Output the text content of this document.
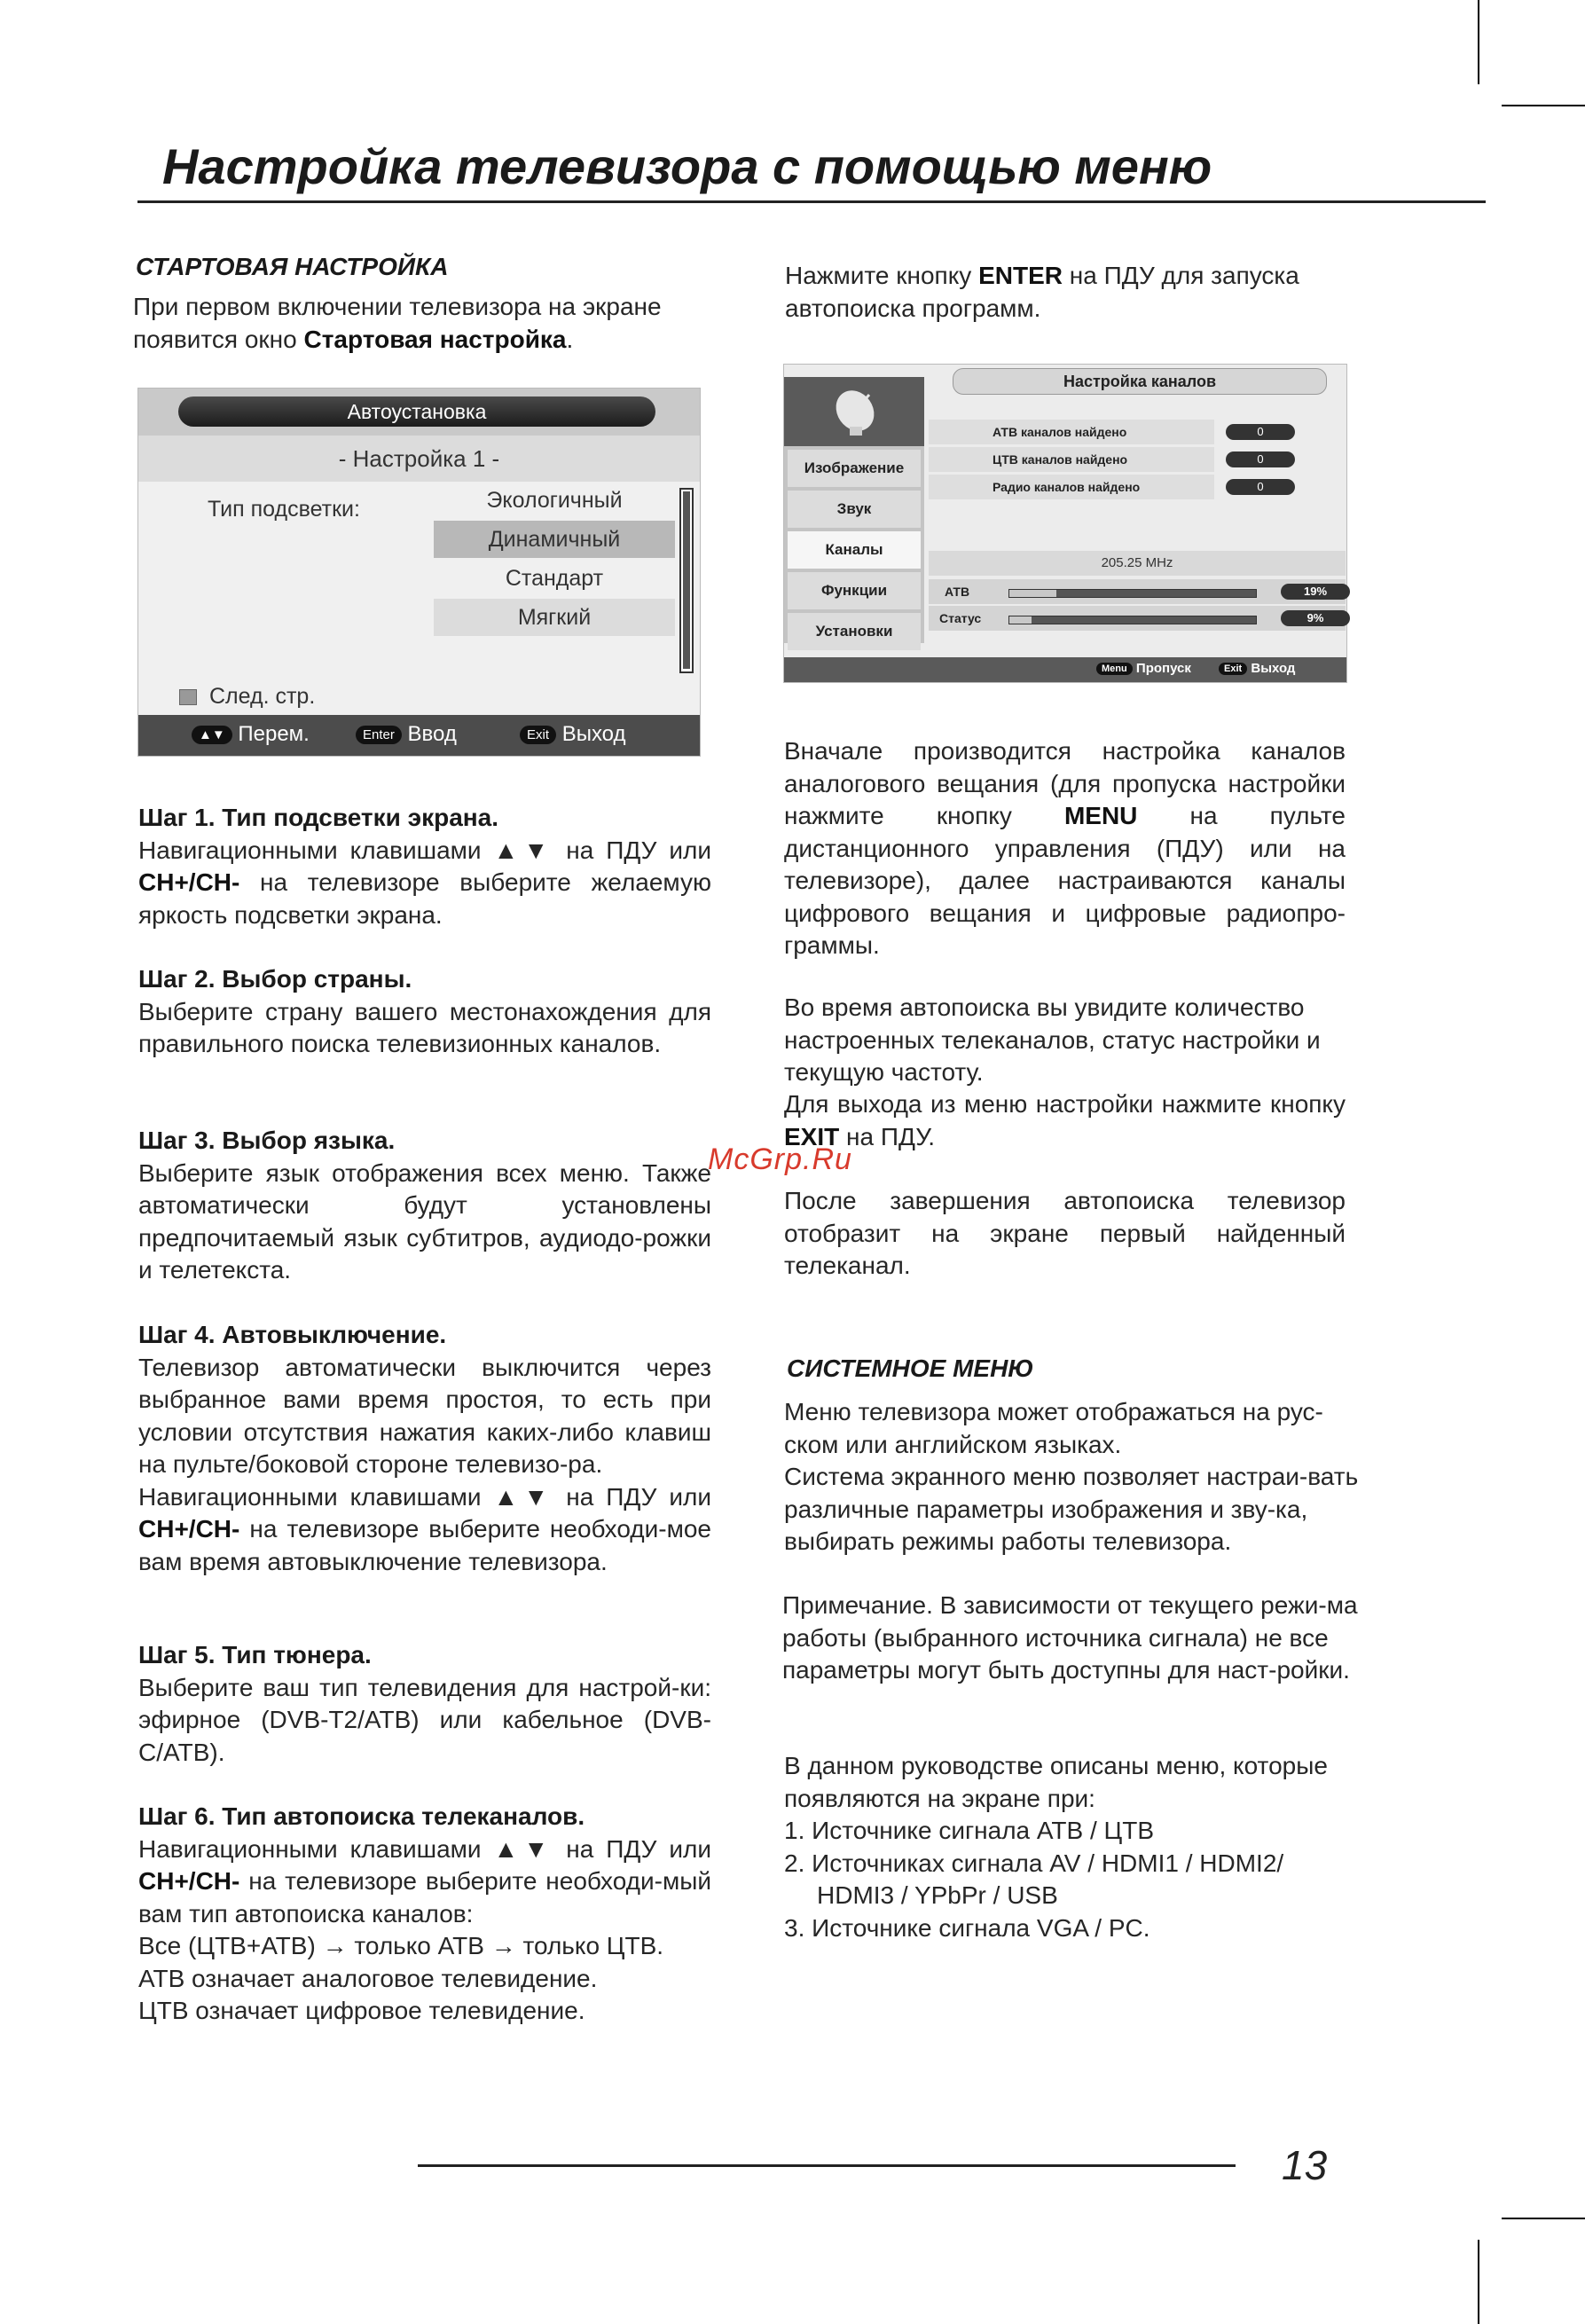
Настройка телевизора с помощью меню
СТАРТОВАЯ НАСТРОЙКА
При первом включении телевизора на экране появится окно Стартовая настройка.
Автоустановка
- Настройка 1 -
Тип подсветки:	Экологичный
Динамичный
Стандарт
Мягкий
След. стр.
▲▼ Перем.	Enter Ввод	Exit Выход
Шаг 1. Тип подсветки экрана.
Навигационными клавишами ▲▼ на ПДУ или CH+/CH- на телевизоре выберите желаемую яркость подсветки экрана.
Шаг 2. Выбор страны.
Выберите страну вашего местонахождения для правильного поиска телевизионных каналов.
Шаг 3. Выбор языка.
Выберите язык отображения всех меню. Также автоматически будут установлены предпочитаемый язык субтитров, аудиодо-рожки и телетекста.
Шаг 4. Автовыключение.
Телевизор автоматически выключится через выбранное вами время простоя, то есть при условии отсутствия нажатия каких-либо клавиш на пульте/боковой стороне телевизо-ра.
Навигационными клавишами ▲▼ на ПДУ или CH+/CH- на телевизоре выберите необходи-мое вам время автовыключение телевизора.
Шаг 5. Тип тюнера.
Выберите ваш тип телевидения для настрой-ки: эфирное (DVB-T2/ATB) или кабельное (DVB-C/ATB).
Шаг 6. Тип автопоиска телеканалов.
Навигационными клавишами ▲▼ на ПДУ или CH+/CH- на телевизоре выберите необходи-мый вам тип автопоиска каналов:
Все (ЦТВ+АТВ) → только АТВ → только ЦТВ.
АТВ означает аналоговое телевидение.
ЦТВ означает цифровое телевидение.
Нажмите кнопку ENTER на ПДУ для запуска автопоиска программ.
Настройка каналов
Изображение
Звук
Каналы
Функции
Установки
АТВ каналов найдено	0
ЦТВ каналов найдено	0
Радио каналов найдено	0
205.25 MHz
АТВ	19%
Статус	9%
Menu Пропуск	Exit Выход
Вначале производится настройка каналов аналогового вещания (для пропуска настройки нажмите кнопку MENU на пульте дистанционного управления (ПДУ) или на телевизоре), далее настраиваются каналы цифрового вещания и цифровые радиопро-граммы.
Во время автопоиска вы увидите количество настроенных телеканалов, статус настройки и текущую частоту.
Для выхода из меню настройки нажмите кнопку EXIT на ПДУ.
После завершения автопоиска телевизор отобразит на экране первый найденный телеканал.
СИСТЕМНОЕ МЕНЮ
Меню телевизора может отображаться на рус-ском или английском языках.
Система экранного меню позволяет настраи-вать различные параметры изображения и зву-ка, выбирать режимы работы телевизора.
Примечание. В зависимости от текущего режи-ма работы (выбранного источника сигнала) не все параметры могут быть доступны для наст-ройки.
В данном руководстве описаны меню, которые появляются на экране при:
1. Источнике сигнала АТВ / ЦТВ
2. Источниках сигнала AV / HDMI1 / HDMI2/
HDMI3 / YPbPr / USB
3. Источнике сигнала VGA / PC.
McGrp.Ru
13
